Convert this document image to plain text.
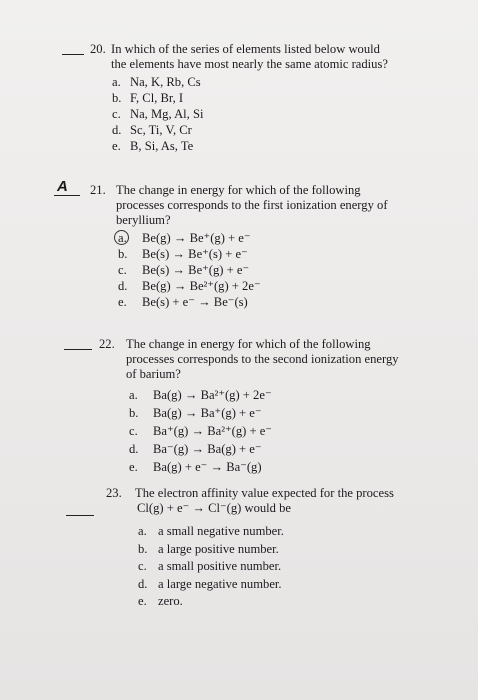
20. In which of the series of elements listed below would
the elements have most nearly the same atomic radius?
a. Na, K, Rb, Cs
b. F, Cl, Br, I
c. Na, Mg, Al, Si
d. Sc, Ti, V, Cr
e. B, Si, As, Te
A 21. The change in energy for which of the following
processes corresponds to the first ionization energy of
beryllium?
a.	Be(g) → Be⁺(g) + e⁻
b.	Be(s) → Be⁺(s) + e⁻
c.	Be(s) → Be⁺(g) + e⁻
d.	Be(g) → Be²⁺(g) + 2e⁻
e.	Be(s) + e⁻ → Be⁻(s)
22. The change in energy for which of the following
processes corresponds to the second ionization energy
of barium?
a.	Ba(g) → Ba²⁺(g) + 2e⁻
b.	Ba(g) → Ba⁺(g) + e⁻
c.	Ba⁺(g) → Ba²⁺(g) + e⁻
d.	Ba⁻(g) → Ba(g) + e⁻
e.	Ba(g) + e⁻ → Ba⁻(g)
23. The electron affinity value expected for the process
Cl(g) + e⁻ → Cl⁻(g) would be
a. a small negative number.
b. a large positive number.
c. a small positive number.
d. a large negative number.
e. zero.
